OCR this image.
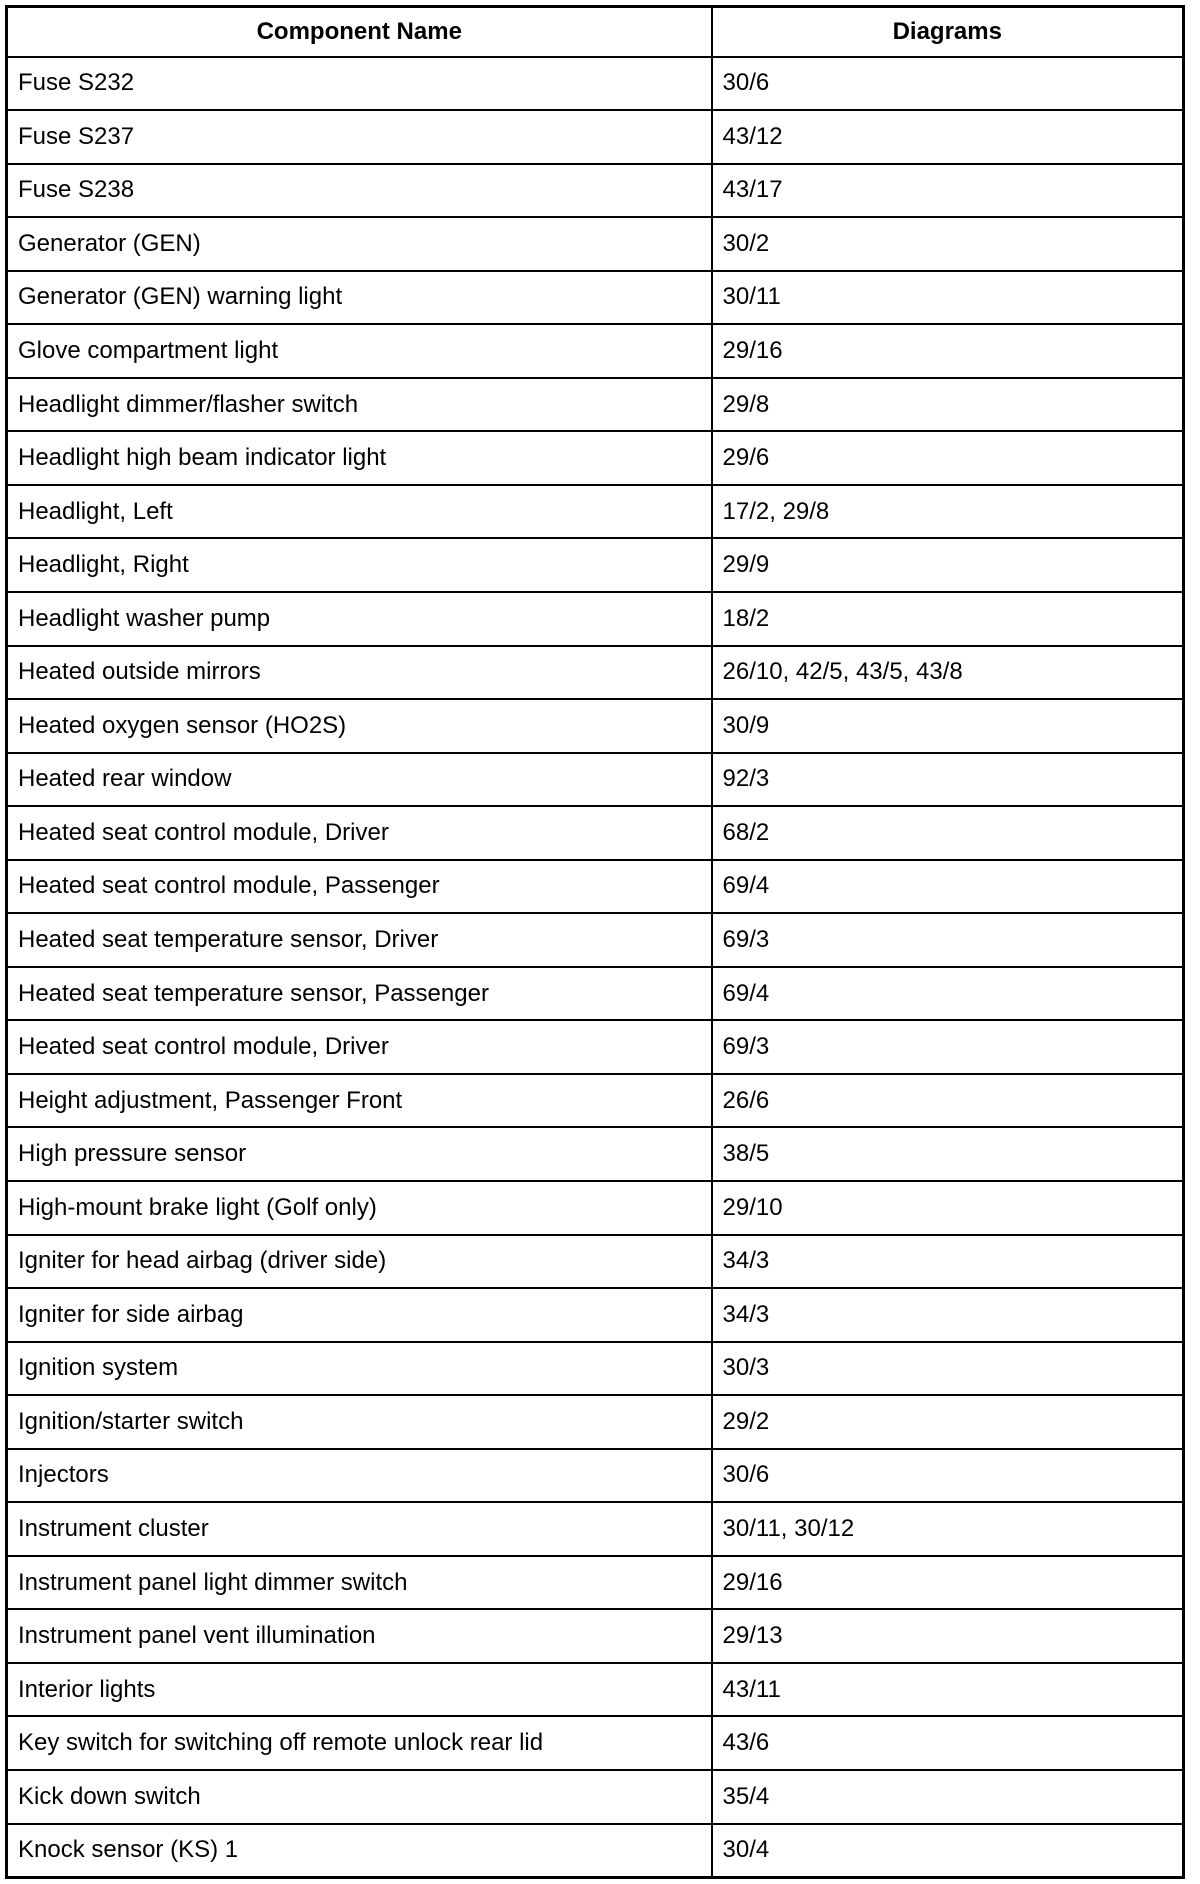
Component Name	Diagrams
Fuse S232	30/6
Fuse S237	43/12
Fuse S238	43/17
Generator (GEN)	30/2
Generator (GEN) warning light	30/11
Glove compartment light	29/16
Headlight dimmer/flasher switch	29/8
Headlight high beam indicator light	29/6
Headlight, Left	17/2, 29/8
Headlight, Right	29/9
Headlight washer pump	18/2
Heated outside mirrors	26/10, 42/5, 43/5, 43/8
Heated oxygen sensor (HO2S)	30/9
Heated rear window	92/3
Heated seat control module, Driver	68/2
Heated seat control module, Passenger	69/4
Heated seat temperature sensor, Driver	69/3
Heated seat temperature sensor, Passenger	69/4
Heated seat control module, Driver	69/3
Height adjustment, Passenger Front	26/6
High pressure sensor	38/5
High-mount brake light (Golf only)	29/10
Igniter for head airbag (driver side)	34/3
Igniter for side airbag	34/3
Ignition system	30/3
Ignition/starter switch	29/2
Injectors	30/6
Instrument cluster	30/11, 30/12
Instrument panel light dimmer switch	29/16
Instrument panel vent illumination	29/13
Interior lights	43/11
Key switch for switching off remote unlock rear lid	43/6
Kick down switch	35/4
Knock sensor (KS) 1	30/4
